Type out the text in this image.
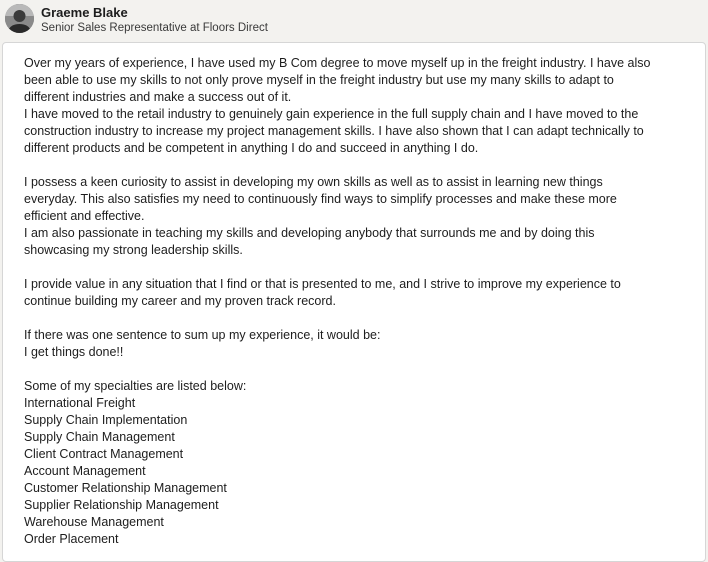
Graeme Blake
Senior Sales Representative at Floors Direct
Over my years of experience, I have used my B Com degree to move myself up in the freight industry. I have also
been able to use my skills to not only prove myself in the freight industry but use my many skills to adapt to
different industries and make a success out of it.
I have moved to the retail industry to genuinely gain experience in the full supply chain and I have moved to the
construction industry to increase my project management skills. I have also shown that I can adapt technically to
different products and be competent in anything I do and succeed in anything I do.
I possess a keen curiosity to assist in developing my own skills as well as to assist in learning new things
everyday. This also satisfies my need to continuously find ways to simplify processes and make these more
efficient and effective.
I am also passionate in teaching my skills and developing anybody that surrounds me and by doing this
showcasing my strong leadership skills.
I provide value in any situation that I find or that is presented to me, and I strive to improve my experience to
continue building my career and my proven track record.
If there was one sentence to sum up my experience, it would be:
I get things done!!
Some of my specialties are listed below:
International Freight
Supply Chain Implementation
Supply Chain Management
Client Contract Management
Account Management
Customer Relationship Management
Supplier Relationship Management
Warehouse Management
Order Placement
